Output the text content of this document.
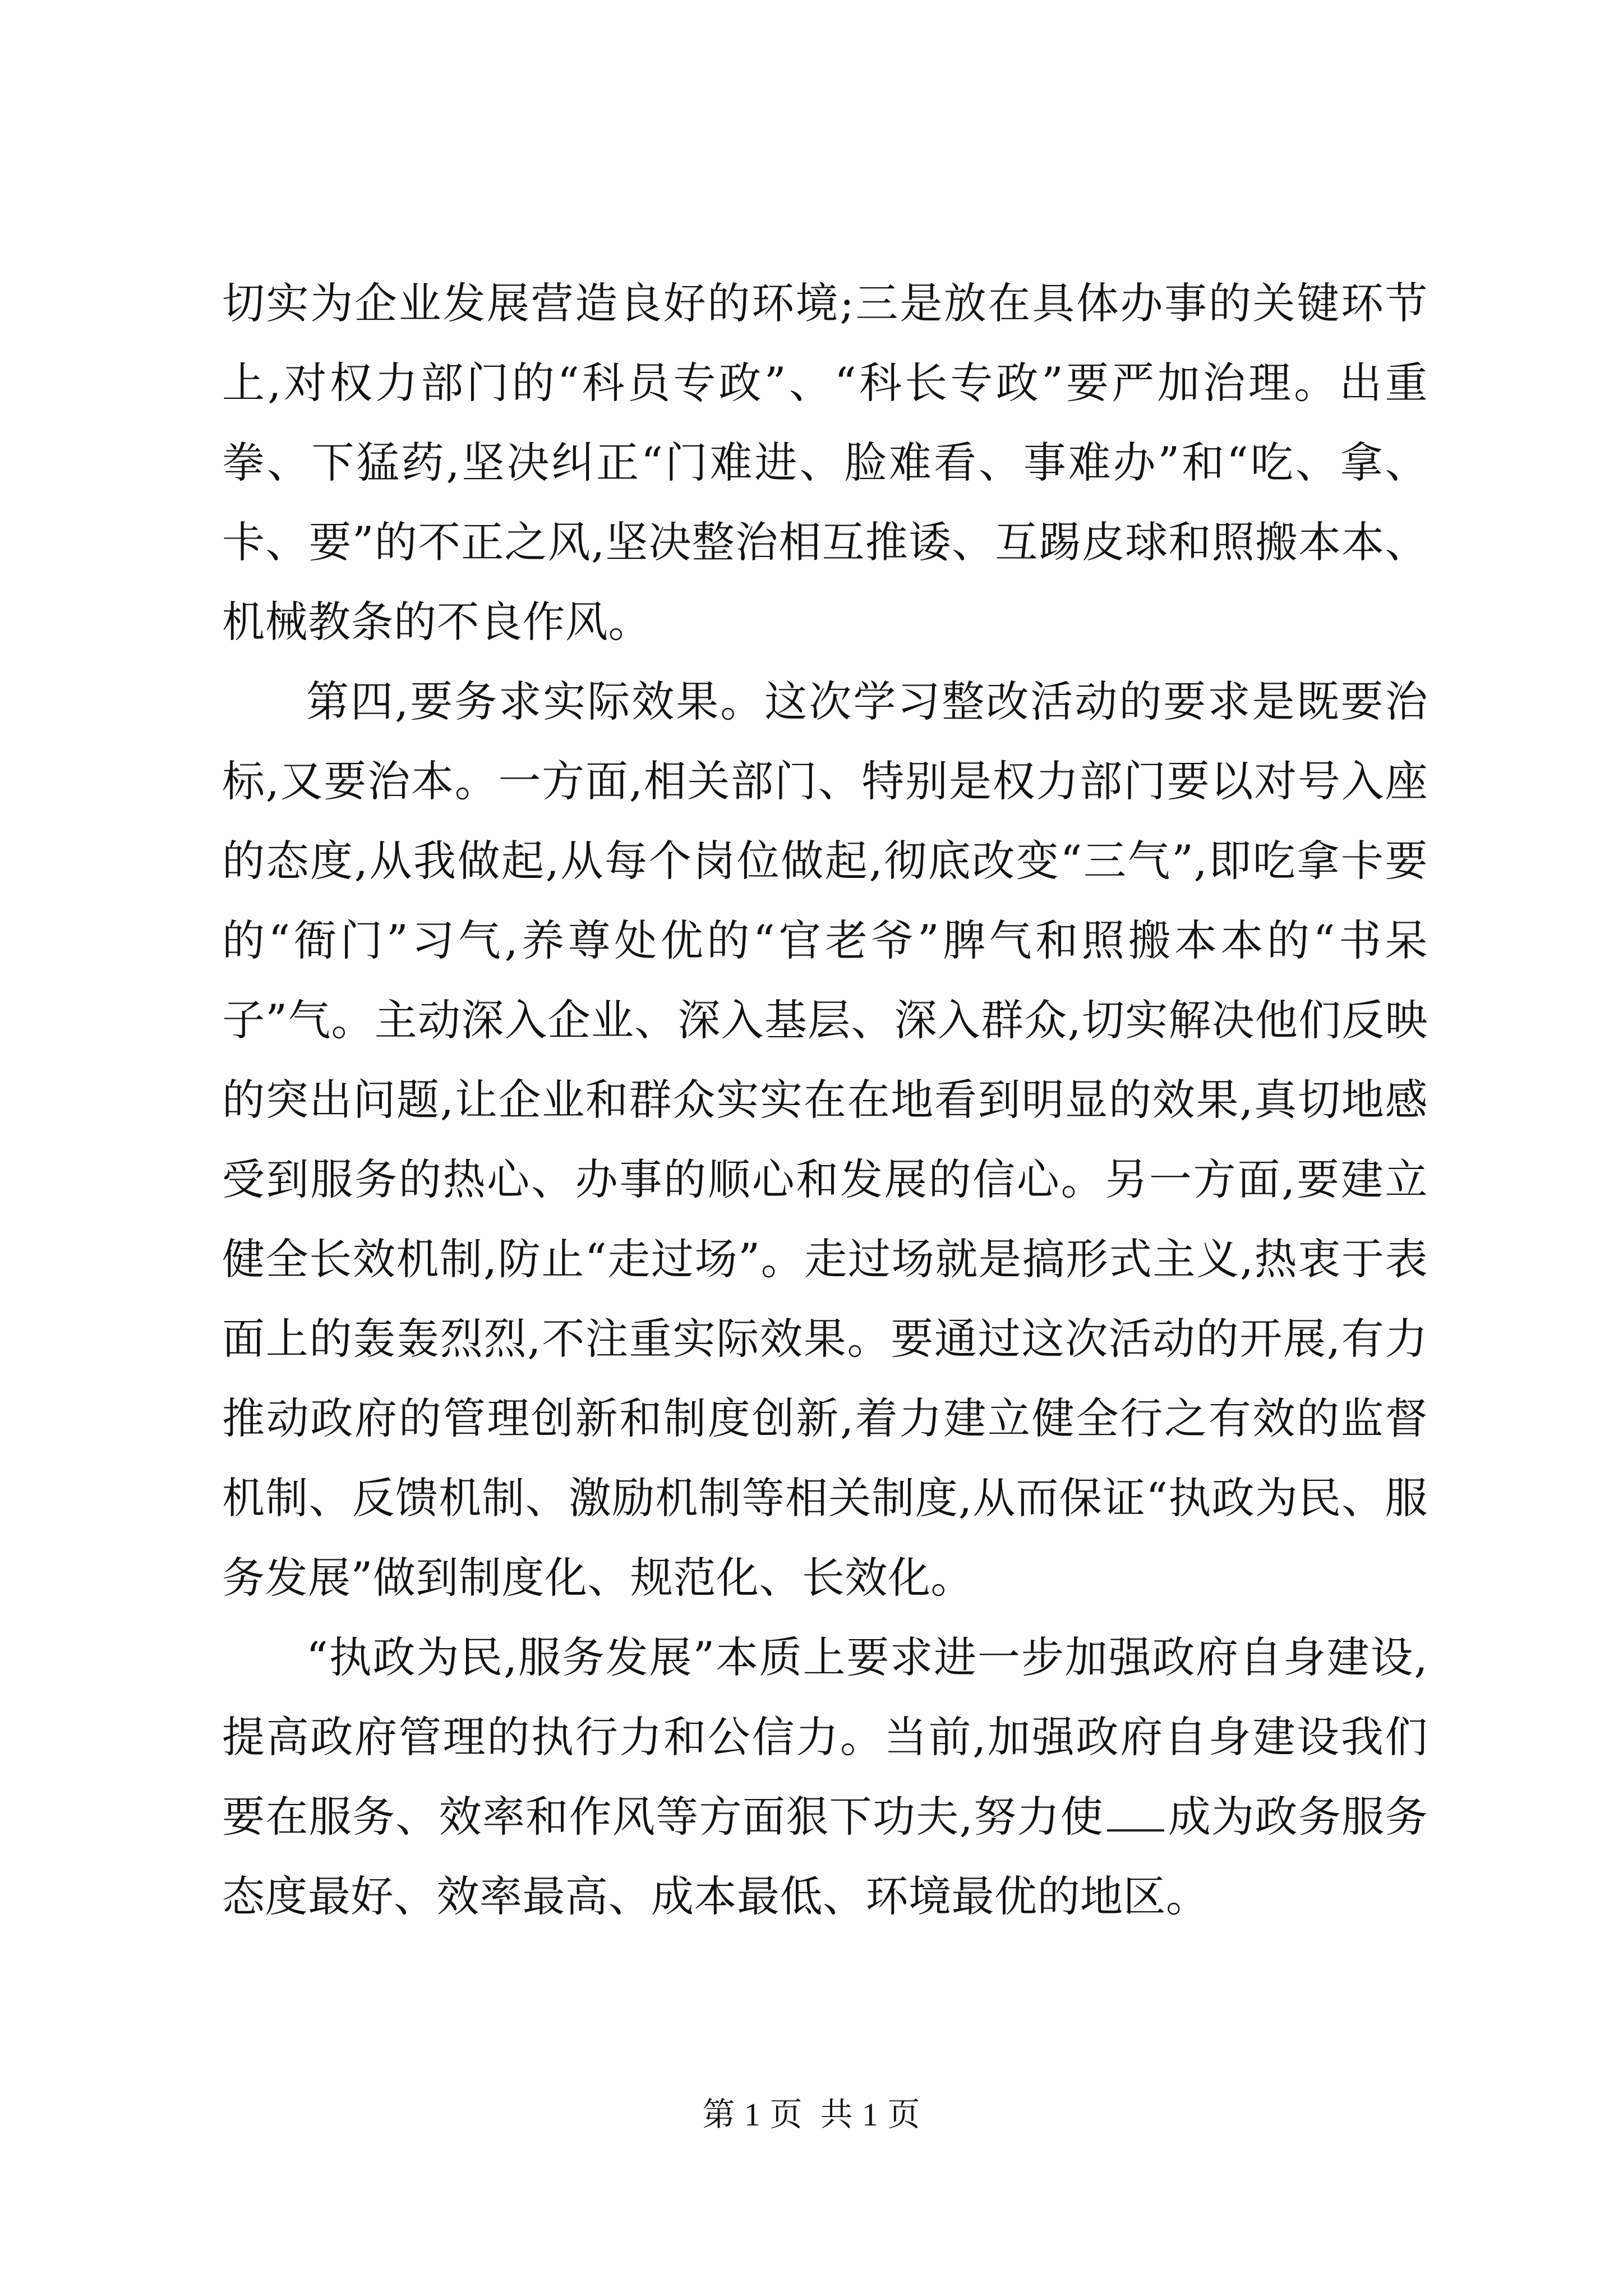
切实为企业发展营造良好的环境;三是放在具体办事的关键环节上,对权力部门的“科员专政”、“科长专政”要严加治理。出重拳、下猛药,坚决纠正“门难进、脸难看、事难办”和“吃、拿、卡、要”的不正之风,坚决整治相互推诿、互踢皮球和照搬本本、机械教条的不良作风。

第四,要务求实际效果。这次学习整改活动的要求是既要治标,又要治本。一方面,相关部门、特别是权力部门要以对号入座的态度,从我做起,从每个岗位做起,彻底改变“三气”,即吃拿卡要的“衙门”习气,养尊处优的“官老爷”脾气和照搬本本的“书呆子”气。主动深入企业、深入基层、深入群众,切实解决他们反映的突出问题,让企业和群众实实在在地看到明显的效果,真切地感受到服务的热心、办事的顺心和发展的信心。另一方面,要建立健全长效机制,防止“走过场”。走过场就是搞形式主义,热衷于表面上的轰轰烈烈,不注重实际效果。要通过这次活动的开展,有力推动政府的管理创新和制度创新,着力建立健全行之有效的监督机制、反馈机制、激励机制等相关制度,从而保证“执政为民、服务发展”做到制度化、规范化、长效化。

“执政为民,服务发展”本质上要求进一步加强政府自身建设,提高政府管理的执行力和公信力。当前,加强政府自身建设我们要在服务、效率和作风等方面狠下功夫,努力使 成为政务服务态度最好、效率最高、成本最低、环境最优的地区。

第 1 页  共 1 页
